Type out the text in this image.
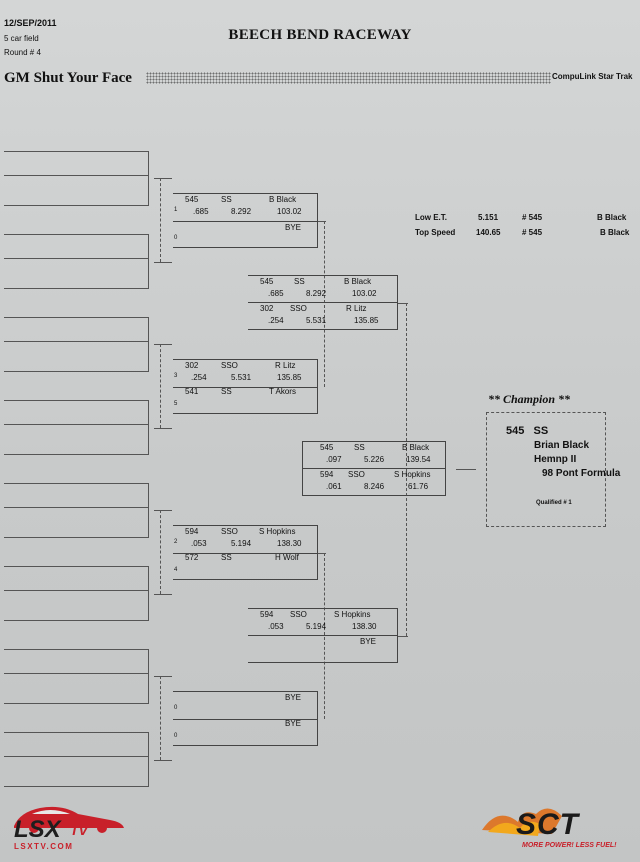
12/SEP/2011
5 car field
Round # 4
BEECH BEND RACEWAY
GM Shut Your Face	CompuLink Star Trak
545	SS	B Black
1 .685	8.292	103.02
BYE
0
302	SSO	R Litz
3 .254	5.531	135.85
541	SS	T Akors
5
594	SSO	S Hopkins
2 .053	5.194	138.30
572	SS	H Wolf
4
BYE
0
BYE
0
545	SS	B Black
.685	8.292	103.02
302 SSO	R Litz
.254	5.531	135.85
594 SSO	S Hopkins
.053	5.194	138.30
BYE
545	SS	B Black
.097	5.226	139.54
594 SSO	S Hopkins
.061	8.246	61.76
Low E.T.	5.151	# 545	B Black
Top Speed	140.65	# 545	B Black
** Champion **
545 SS
Brian Black
Hemnp II
98 Pont Formula
Qualified # 1
LSX TV
LSXTV.COM
SCT
MORE POWER! LESS FUEL!
